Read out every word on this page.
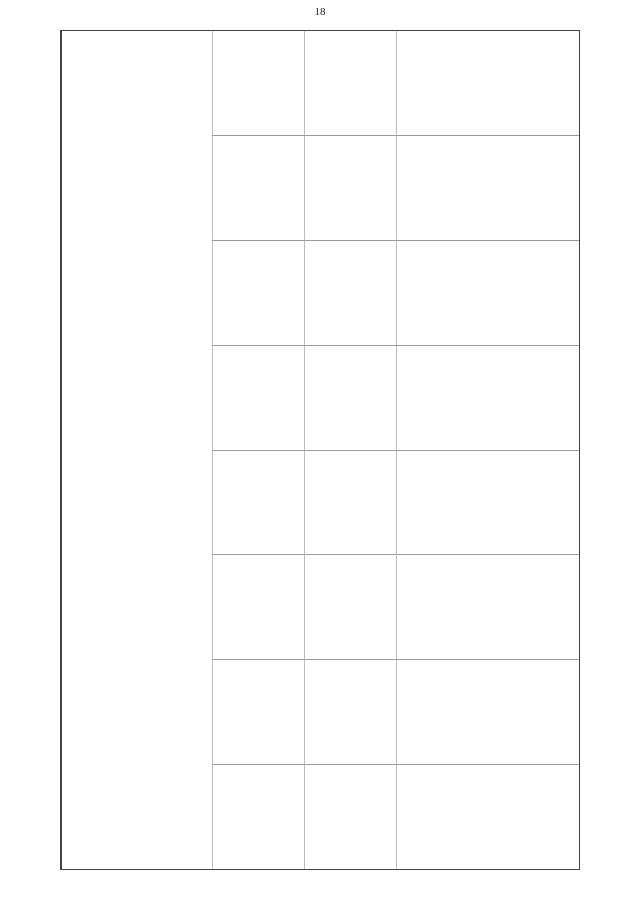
18
